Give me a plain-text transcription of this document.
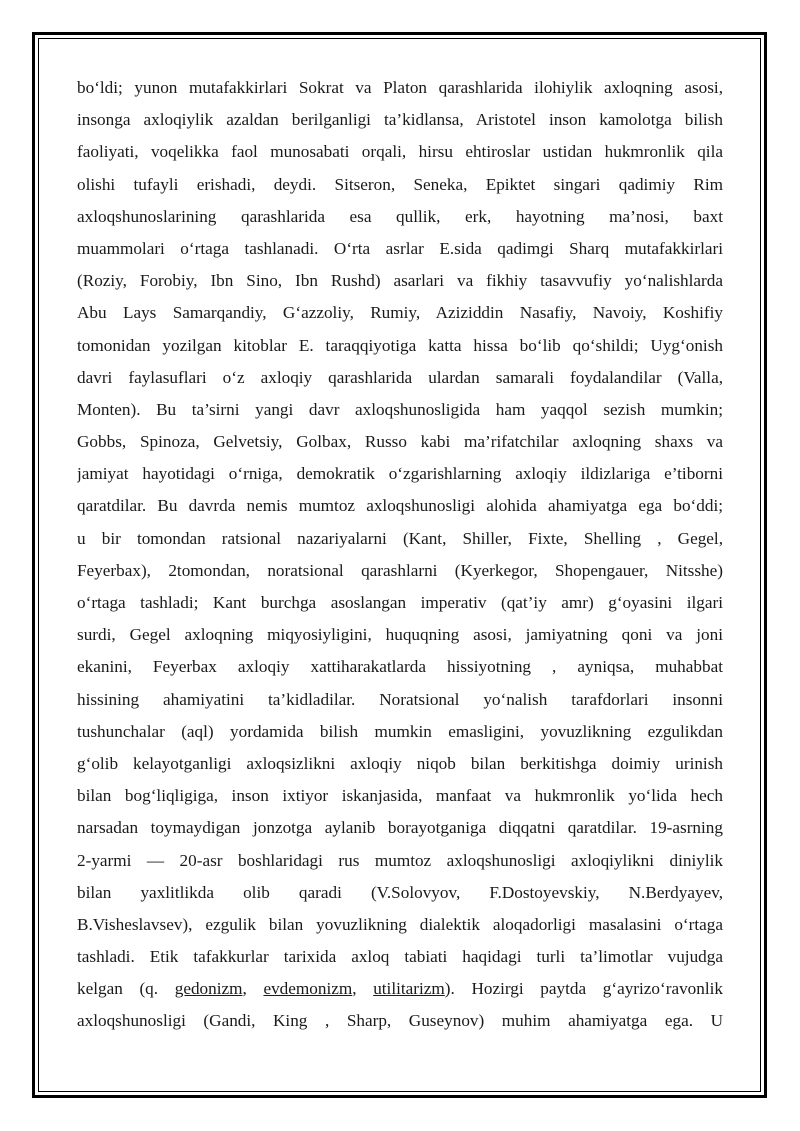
bo‘ldi; yunon mutafakkirlari Sokrat va Platon qarashlarida ilohiylik axloqning asosi,
insonga axloqiylik azaldan berilganligi ta’kidlansa, Aristotel inson kamolotga bilish
faoliyati, voqelikka faol munosabati orqali, hirsu ehtiroslar ustidan hukmronlik qila
olishi tufayli erishadi, deydi. Sitseron, Seneka, Epiktet singari qadimiy Rim
axloqshunoslarining qarashlarida esa qullik, erk, hayotning ma’nosi, baxt
muammolari o‘rtaga tashlanadi. O‘rta asrlar E.sida qadimgi Sharq mutafakkirlari
(Roziy, Forobiy, Ibn Sino, Ibn Rushd) asarlari va fikhiy tasavvufiy yo‘nalishlarda
Abu Lays Samarqandiy, G‘azzoliy, Rumiy, Aziziddin Nasafiy, Navoiy, Koshifiy
tomonidan yozilgan kitoblar E. taraqqiyotiga katta hissa bo‘lib qo‘shildi; Uyg‘onish
davri faylasuflari o‘z axloqiy qarashlarida ulardan samarali foydalandilar (Valla,
Monten). Bu ta’sirni yangi davr axloqshunosligida ham yaqqol sezish mumkin;
Gobbs, Spinoza, Gelvetsiy, Golbax, Russo kabi ma’rifatchilar axloqning shaxs va
jamiyat hayotidagi o‘rniga, demokratik o‘zgarishlarning axloqiy ildizlariga e’tiborni
qaratdilar. Bu davrda nemis mumtoz axloqshunosligi alohida ahamiyatga ega bo‘ddi;
u bir tomondan ratsional nazariyalarni (Kant, Shiller, Fixte, Shelling , Gegel,
Feyerbax), 2tomondan, noratsional qarashlarni (Kyerkegor, Shopengauer, Nitsshe)
o‘rtaga tashladi; Kant burchga asoslangan imperativ (qat’iy amr) g‘oyasini ilgari
surdi, Gegel axloqning miqyosiyligini, huquqning asosi, jamiyatning qoni va joni
ekanini, Feyerbax axloqiy xattiharakatlarda hissiyotning , ayniqsa, muhabbat
hissining ahamiyatini ta’kidladilar. Noratsional yo‘nalish tarafdorlari insonni
tushunchalar (aql) yordamida bilish mumkin emasligini, yovuzlikning ezgulikdan
g‘olib kelayotganligi axloqsizlikni axloqiy niqob bilan berkitishga doimiy urinish
bilan bog‘liqligiga, inson ixtiyor iskanjasida, manfaat va hukmronlik yo‘lida hech
narsadan toymaydigan jonzotga aylanib borayotganiga diqqatni qaratdilar. 19-asrning
2-yarmi — 20-asr boshlaridagi rus mumtoz axloqshunosligi axloqiylikni diniylik
bilan yaxlitlikda olib qaradi (V.Solovyov, F.Dostoyevskiy, N.Berdyayev,
B.Visheslavsev), ezgulik bilan yovuzlikning dialektik aloqadorligi masalasini o‘rtaga
tashladi. Etik tafakkurlar tarixida axloq tabiati haqidagi turli ta’limotlar vujudga
kelgan (q. gedonizm, evdemonizm, utilitarizm). Hozirgi paytda g‘ayrizo‘ravonlik
axloqshunosligi (Gandi, King , Sharp, Guseynov) muhim ahamiyatga ega. U
